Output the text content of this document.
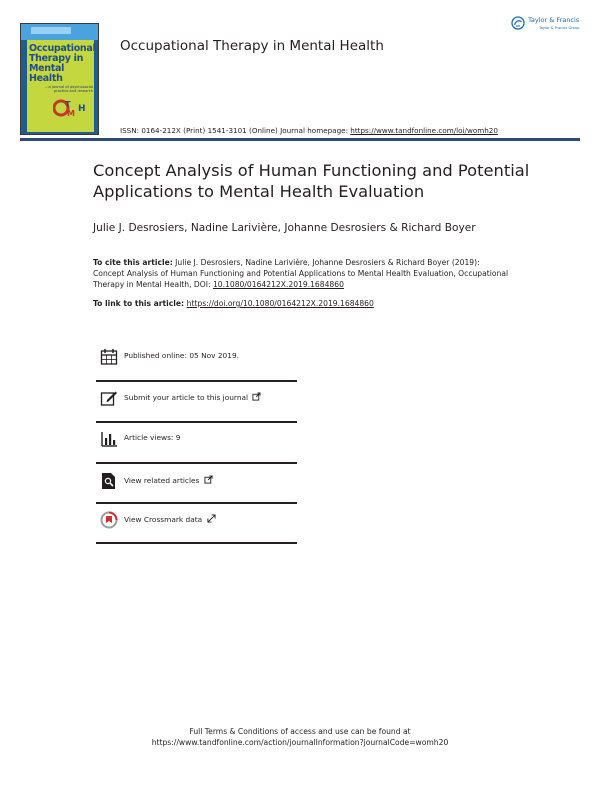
Occupational
Therapy in
Mental Health
...a journal of psychosocial practice and research
T
M H
Occupational Therapy in Mental Health
Taylor & Francis
Taylor & Francis Group
ISSN: 0164-212X (Print) 1541-3101 (Online) Journal homepage: https://www.tandfonline.com/loi/womh20
Concept Analysis of Human Functioning and Potential Applications to Mental Health Evaluation
Julie J. Desrosiers, Nadine Larivière, Johanne Desrosiers & Richard Boyer
To cite this article: Julie J. Desrosiers, Nadine Larivière, Johanne Desrosiers & Richard Boyer (2019): Concept Analysis of Human Functioning and Potential Applications to Mental Health Evaluation, Occupational Therapy in Mental Health, DOI: 10.1080/0164212X.2019.1684860
To link to this article: https://doi.org/10.1080/0164212X.2019.1684860
Published online: 05 Nov 2019.
Submit your article to this journal
Article views: 9
View related articles
View Crossmark data
Full Terms & Conditions of access and use can be found at
https://www.tandfonline.com/action/journalInformation?journalCode=womh20
